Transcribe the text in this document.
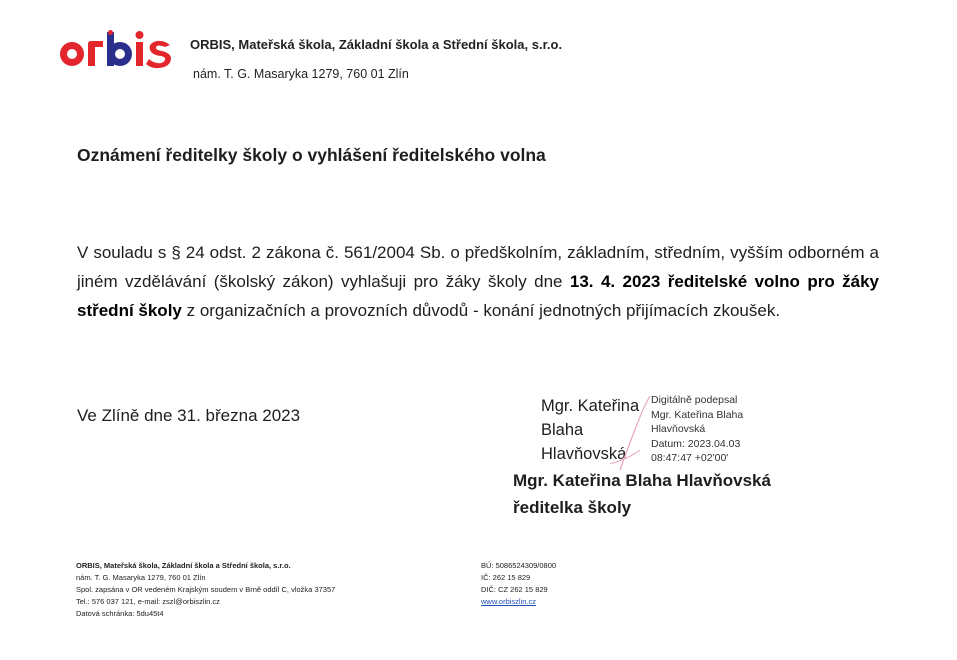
ORBIS, Mateřská škola, Základní škola a Střední škola, s.r.o.
nám. T. G. Masaryka 1279, 760 01 Zlín
Oznámení ředitelky školy o vyhlášení ředitelského volna
V souladu s § 24 odst. 2 zákona č. 561/2004 Sb. o předškolním, základním, středním, vyšším odborném a jiném vzdělávání (školský zákon) vyhlašuji pro žáky školy dne 13. 4. 2023 ředitelské volno pro žáky střední školy z organizačních a provozních důvodů - konání jednotných přijímacích zkoušek.
Ve Zlíně dne 31. března 2023	Mgr. Kateřina
Blaha
Hlavňovská
Digitálně podepsal
Mgr. Kateřina Blaha
Hlavňovská
Datum: 2023.04.03
08:47:47 +02'00'
Mgr. Kateřina Blaha Hlavňovská
ředitelka školy
ORBIS, Mateřská škola, Základní škola a Střední škola, s.r.o.
nám. T. G. Masaryka 1279, 760 01 Zlín
Spol. zapsána v OR vedeném Krajským soudem v Brně oddíl C, vložka 37357
Tel.: 576 037 121, e-mail: zszl@orbiszlin.cz
Datová schránka: 5du45t4
BÚ: 5086524309/0800
IČ: 262 15 829
DIČ: CZ 262 15 829
www.orbiszlin.cz
